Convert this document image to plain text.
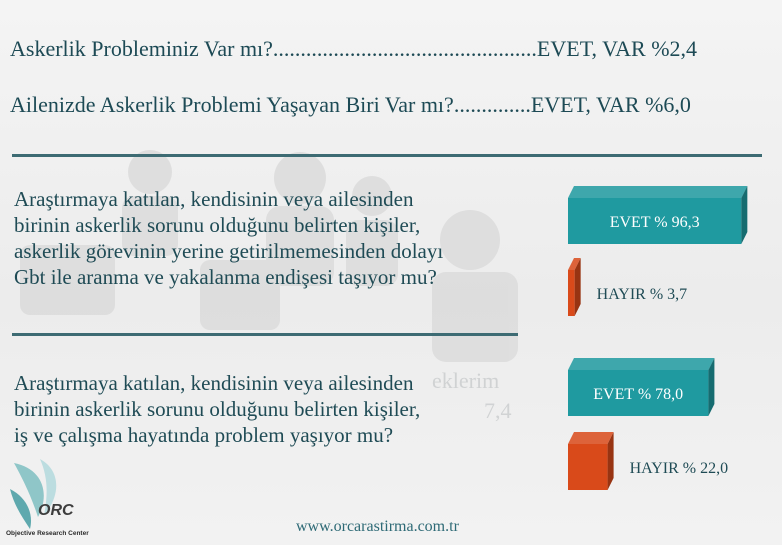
eklerim
7,4
Askerlik Probleminiz Var mı?................................................EVET, VAR %2,4
Ailenizde Askerlik Problemi Yaşayan Biri Var mı?..............EVET, VAR %6,0
Araştırmaya katılan, kendisinin veya ailesinden
birinin askerlik sorunu olduğunu belirten kişiler,
askerlik görevinin yerine getirilmemesinden dolayı
Gbt ile aranma ve yakalanma endişesi taşıyor mu?
Araştırmaya katılan, kendisinin veya ailesinden
birinin askerlik sorunu olduğunu belirten kişiler,
iş ve çalışma hayatında problem yaşıyor mu?
EVET % 96,3
HAYIR % 3,7
EVET % 78,0
HAYIR % 22,0
www.orcarastirma.com.tr
ORC
Objective Research Center
